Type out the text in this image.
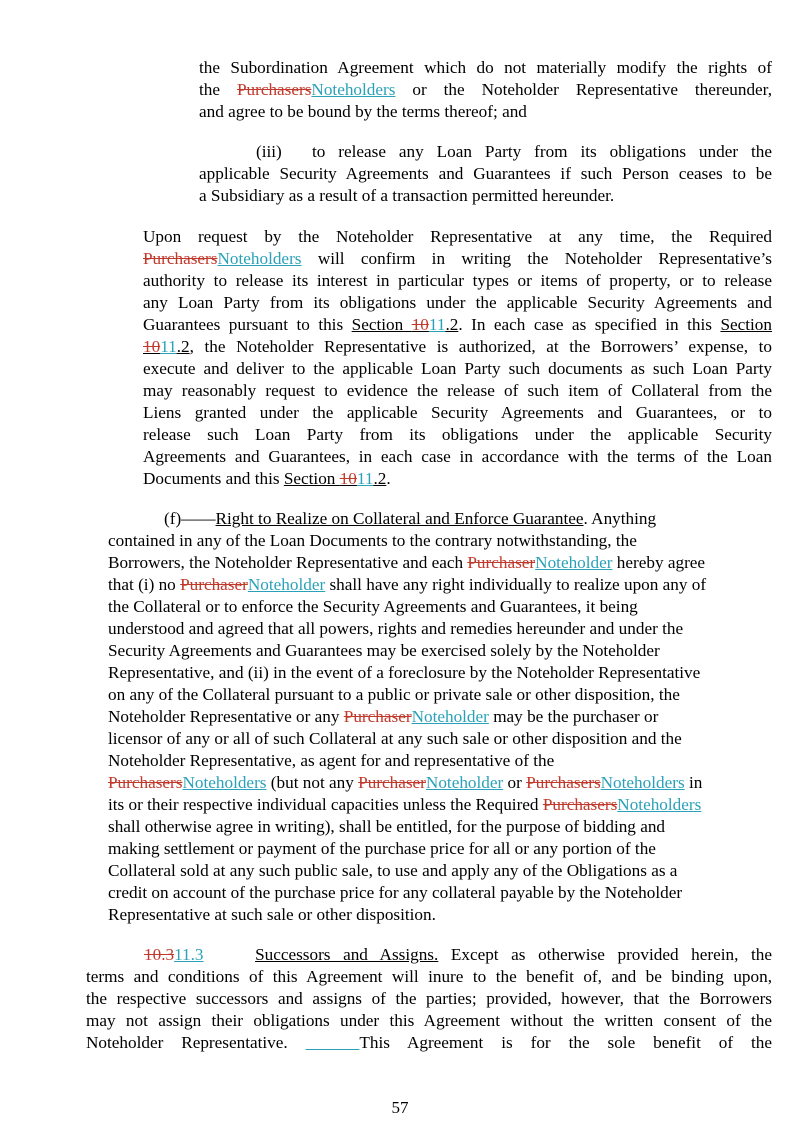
the Subordination Agreement which do not materially modify the rights of
the PurchasersNoteholders or the Noteholder Representative thereunder,
and agree to be bound by the terms thereof; and
(iii) to release any Loan Party from its obligations under the
applicable Security Agreements and Guarantees if such Person ceases to be
a Subsidiary as a result of a transaction permitted hereunder.
Upon request by the Noteholder Representative at any time, the Required
PurchasersNoteholders will confirm in writing the Noteholder Representative’s
authority to release its interest in particular types or items of property, or to release
any Loan Party from its obligations under the applicable Security Agreements and
Guarantees pursuant to this Section 1011.2. In each case as specified in this Section
1011.2, the Noteholder Representative is authorized, at the Borrowers’ expense, to
execute and deliver to the applicable Loan Party such documents as such Loan Party
may reasonably request to evidence the release of such item of Collateral from the
Liens granted under the applicable Security Agreements and Guarantees, or to
release such Loan Party from its obligations under the applicable Security
Agreements and Guarantees, in each case in accordance with the terms of the Loan
Documents and this Section 1011.2.
(f)——Right to Realize on Collateral and Enforce Guarantee. Anything
contained in any of the Loan Documents to the contrary notwithstanding, the
Borrowers, the Noteholder Representative and each PurchaserNoteholder hereby agree
that (i) no PurchaserNoteholder shall have any right individually to realize upon any of
the Collateral or to enforce the Security Agreements and Guarantees, it being
understood and agreed that all powers, rights and remedies hereunder and under the
Security Agreements and Guarantees may be exercised solely by the Noteholder
Representative, and (ii) in the event of a foreclosure by the Noteholder Representative
on any of the Collateral pursuant to a public or private sale or other disposition, the
Noteholder Representative or any PurchaserNoteholder may be the purchaser or
licensor of any or all of such Collateral at any such sale or other disposition and the
Noteholder Representative, as agent for and representative of the
PurchasersNoteholders (but not any PurchaserNoteholder or PurchasersNoteholders in
its or their respective individual capacities unless the Required PurchasersNoteholders
shall otherwise agree in writing), shall be entitled, for the purpose of bidding and
making settlement or payment of the purchase price for all or any portion of the
Collateral sold at any such public sale, to use and apply any of the Obligations as a
credit on account of the purchase price for any collateral payable by the Noteholder
Representative at such sale or other disposition.
10.311.3	Successors and Assigns. Except as otherwise provided herein, the
terms and conditions of this Agreement will inure to the benefit of, and be binding upon,
the respective successors and assigns of the parties; provided, however, that the Borrowers
may not assign their obligations under this Agreement without the written consent of the
Noteholder Representative.	This Agreement is for the sole benefit of the
57
